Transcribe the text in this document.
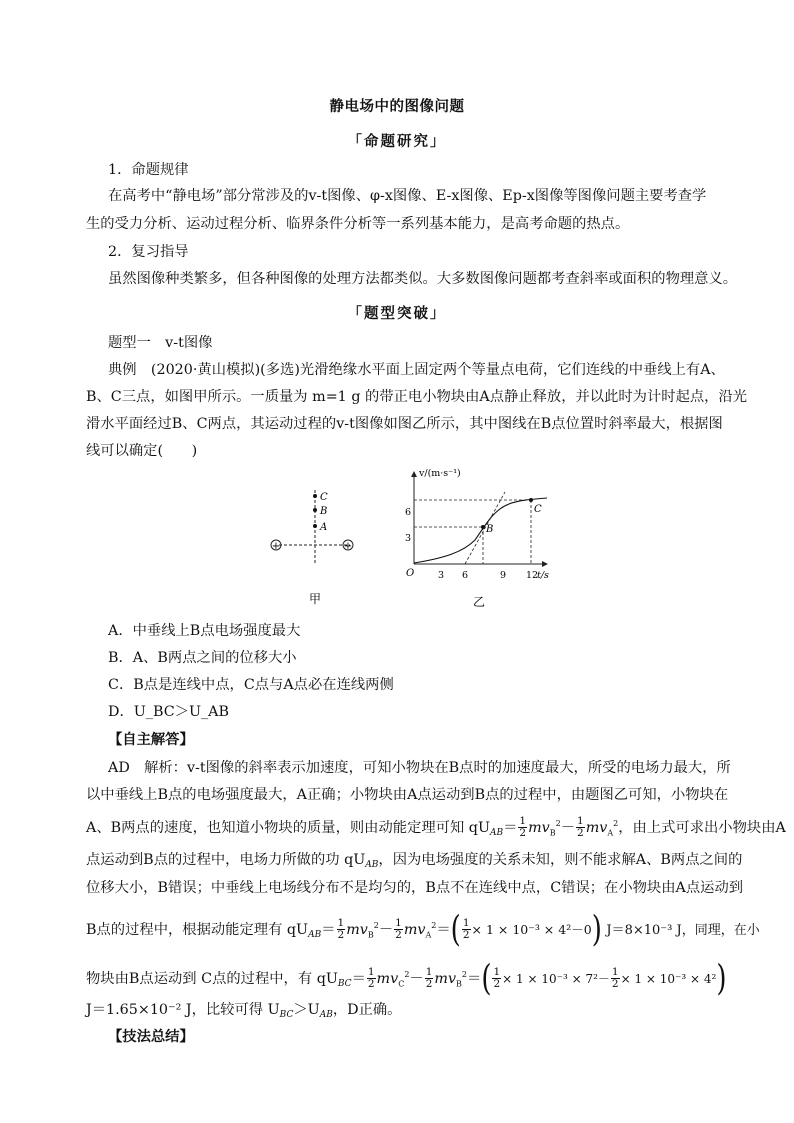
静电场中的图像问题
「命题研究」
1．命题规律
在高考中“静电场”部分常涉及的v-t图像、φ-x图像、E-x图像、Ep-x图像等图像问题主要考查学
生的受力分析、运动过程分析、临界条件分析等一系列基本能力，是高考命题的热点。
2．复习指导
虽然图像种类繁多，但各种图像的处理方法都类似。大多数图像问题都考查斜率或面积的物理意义。
「题型突破」
题型一　v-t图像
典例　(2020·黄山模拟)(多选)光滑绝缘水平面上固定两个等量点电荷，它们连线的中垂线上有A、
B、C三点，如图甲所示。一质量为 m=1 g 的带正电小物块由A点静止释放，并以此时为计时起点，沿光
滑水平面经过B、C两点，其运动过程的v-t图像如图乙所示，其中图线在B点位置时斜率最大，根据图
线可以确定(　　)
+	+
C
B
A
甲
v/(m·s⁻¹)
t/s
O
6
3
3 6	9 12
B
C
乙
A．中垂线上B点电场强度最大
B．A、B两点之间的位移大小
C．B点是连线中点，C点与A点必在连线两侧
D．U_BC＞U_AB
【自主解答】
AD　解析：v-t图像的斜率表示加速度，可知小物块在B点时的加速度最大，所受的电场力最大，所
以中垂线上B点的电场强度最大，A正确；小物块由A点运动到B点的过程中，由题图乙可知，小物块在
A、B两点的速度，也知道小物块的质量，则由动能定理可知 $qU_{AB}= \frac{1}{2} mv_B^2- \frac{1}{2} mv_A^2$，由上式可求出小物块由A
点运动到B点的过程中，电场力所做的功 $qU_{AB}$，因为电场强度的关系未知，则不能求解A、B两点之间的
位移大小，B错误；中垂线上电场线分布不是均匀的，B点不在连线中点，C错误；在小物块由A点运动到
B点的过程中，根据动能定理有 $qU_{AB}= \frac{1}{2} mv_B^2- \frac{1}{2} mv_A^2=( \frac{1}{2} \times 1 \times 10^{-3} \times 4^2-0)$ J＝8×10⁻³ J，同理，在小
物块由B点运动到 C点的过程中，有 $qU_{BC}= \frac{1}{2} mv_C^2- \frac{1}{2} mv_B^2=( \frac{1}{2} \times 1 \times 10^{-3} \times 7^2- \frac{1}{2} \times 1 \times 10^{-3} \times 4^2)$
J＝1.65×10⁻² J，比较可得 $U_{BC}>U_{AB}$，D正确。
【技法总结】
